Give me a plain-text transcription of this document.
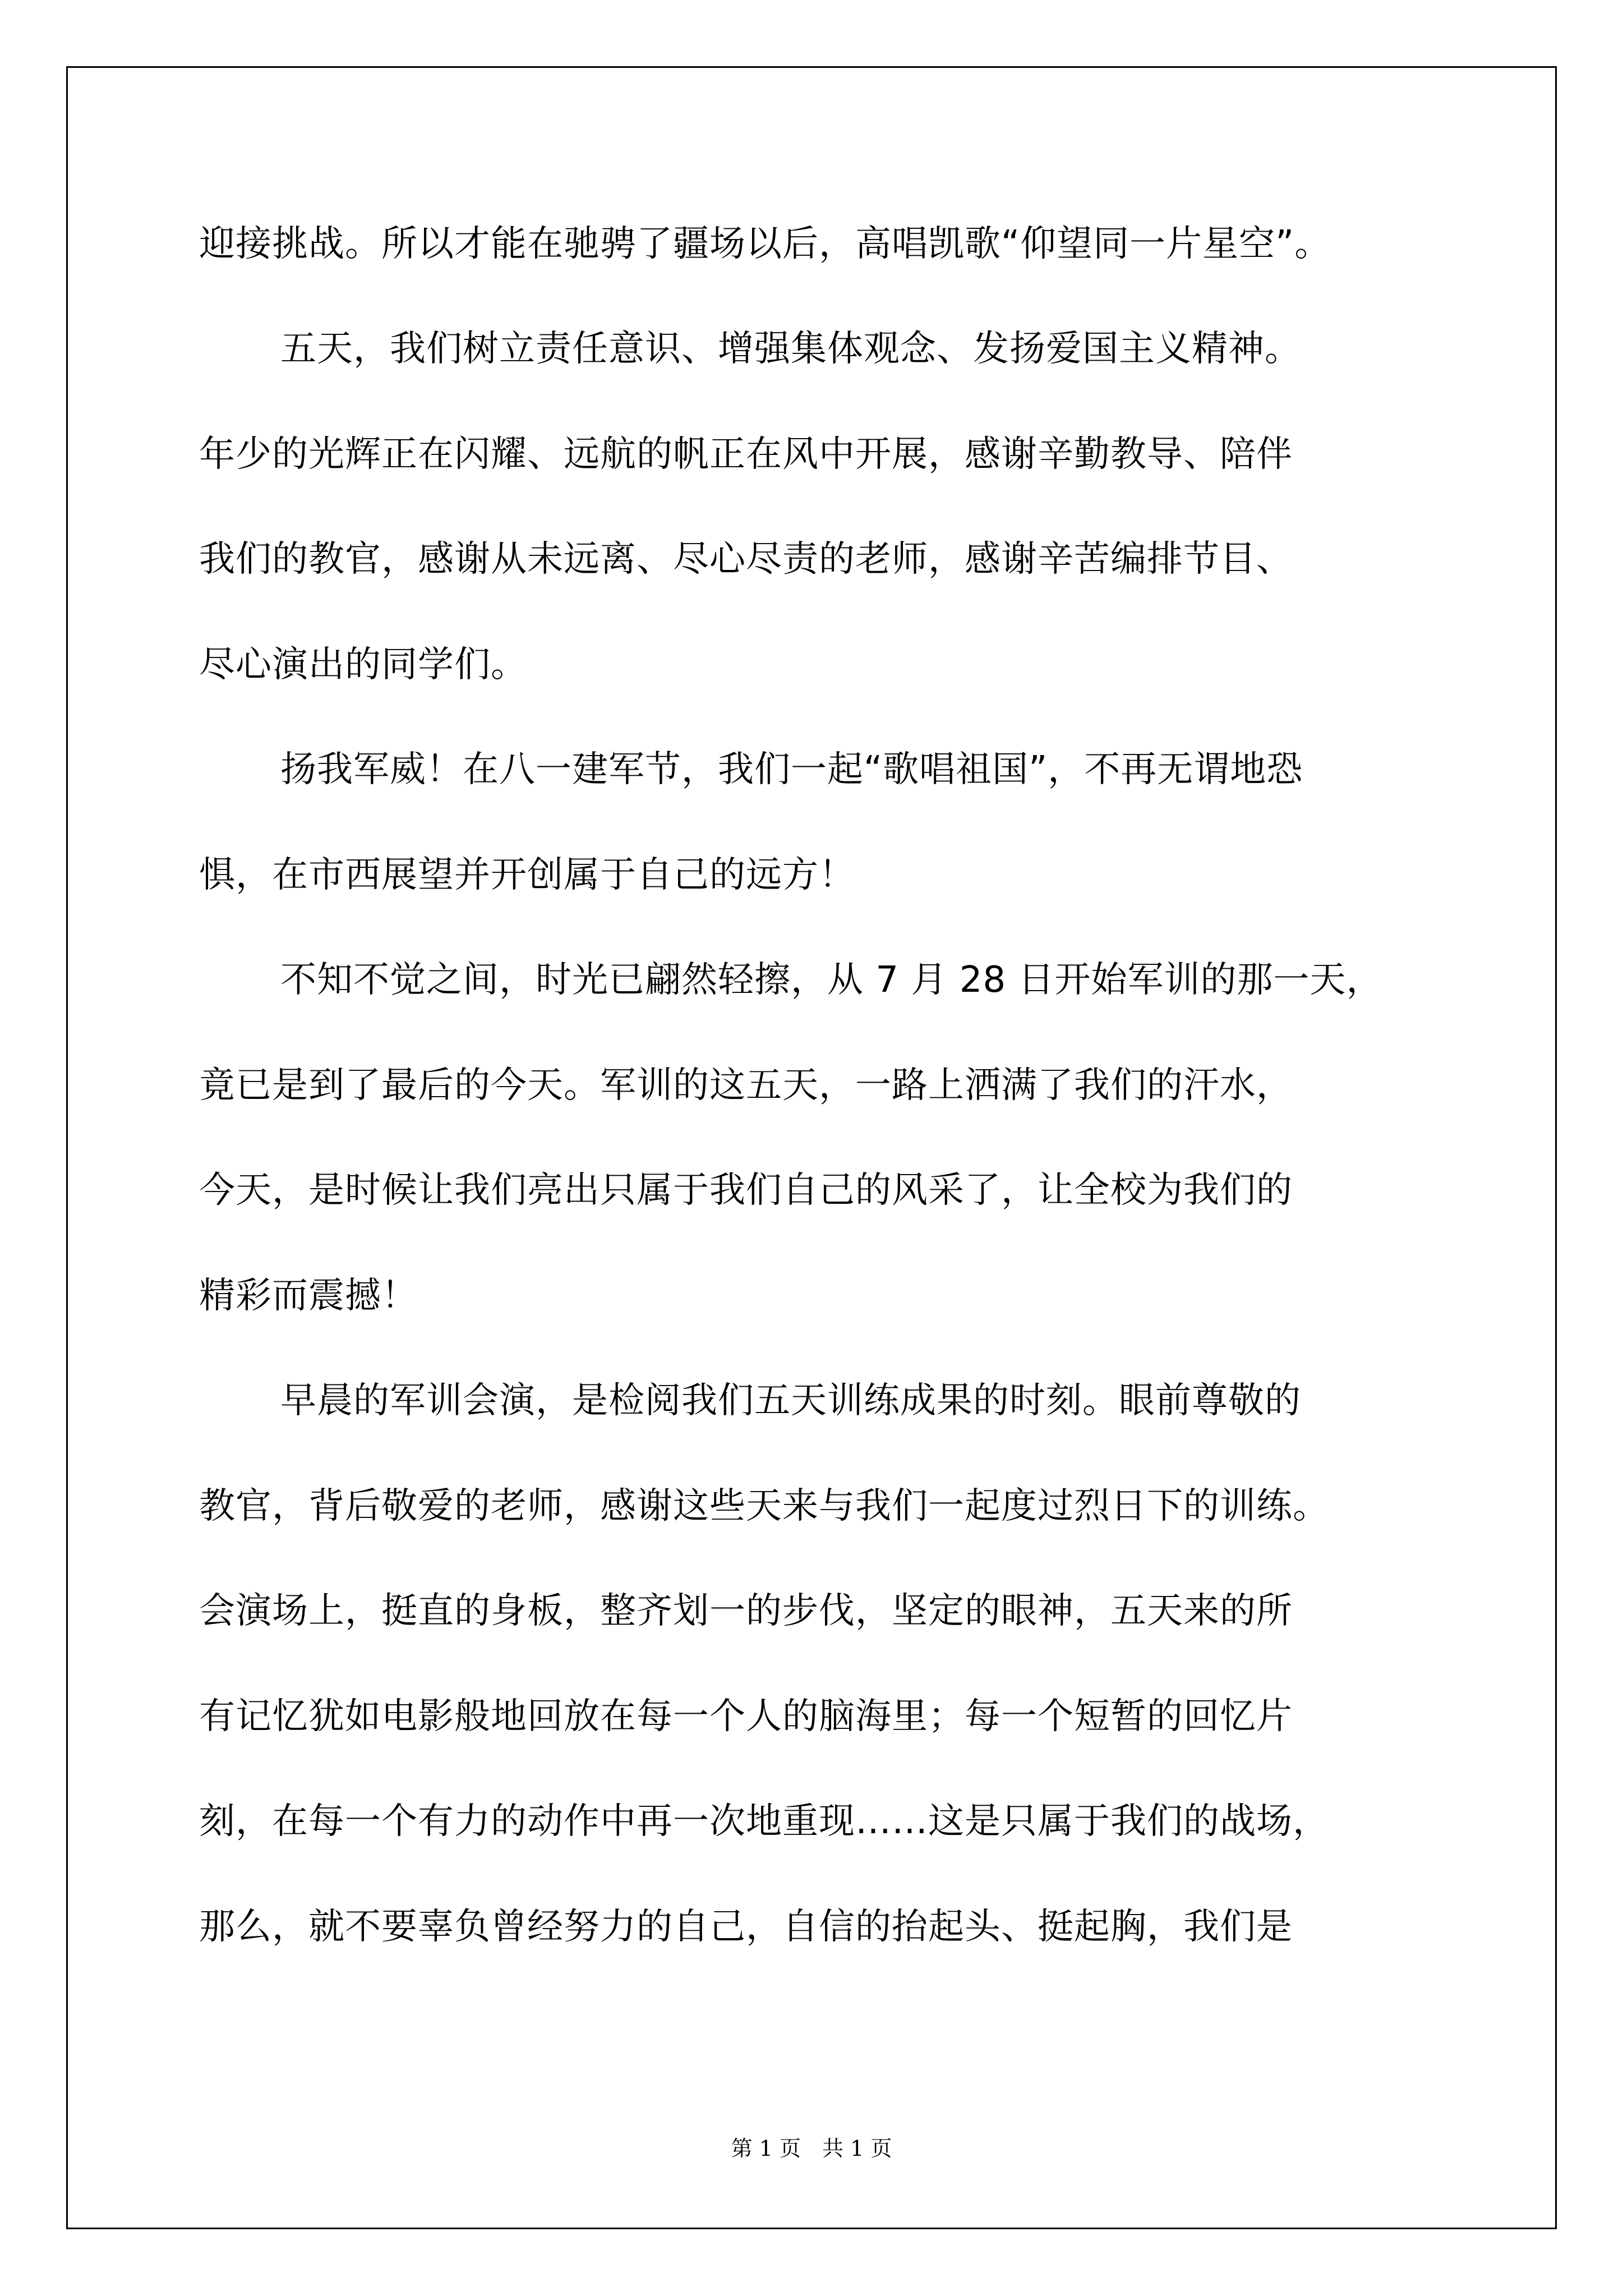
迎接挑战。所以才能在驰骋了疆场以后，高唱凯歌“仰望同一片星空”。
五天，我们树立责任意识、增强集体观念、发扬爱国主义精神。
年少的光辉正在闪耀、远航的帆正在风中开展，感谢辛勤教导、陪伴
我们的教官，感谢从未远离、尽心尽责的老师，感谢辛苦编排节目、
尽心演出的同学们。
扬我军威！在八一建军节，我们一起“歌唱祖国”，不再无谓地恐
惧，在市西展望并开创属于自己的远方！
不知不觉之间，时光已翩然轻擦，从 7 月 28 日开始军训的那一天，
竟已是到了最后的今天。军训的这五天，一路上洒满了我们的汗水，
今天，是时候让我们亮出只属于我们自己的风采了，让全校为我们的
精彩而震撼！
早晨的军训会演，是检阅我们五天训练成果的时刻。眼前尊敬的
教官，背后敬爱的老师，感谢这些天来与我们一起度过烈日下的训练。
会演场上，挺直的身板，整齐划一的步伐，坚定的眼神，五天来的所
有记忆犹如电影般地回放在每一个人的脑海里；每一个短暂的回忆片
刻，在每一个有力的动作中再一次地重现……这是只属于我们的战场，
那么，就不要辜负曾经努力的自己，自信的抬起头、挺起胸，我们是
第 1 页　共 1 页
